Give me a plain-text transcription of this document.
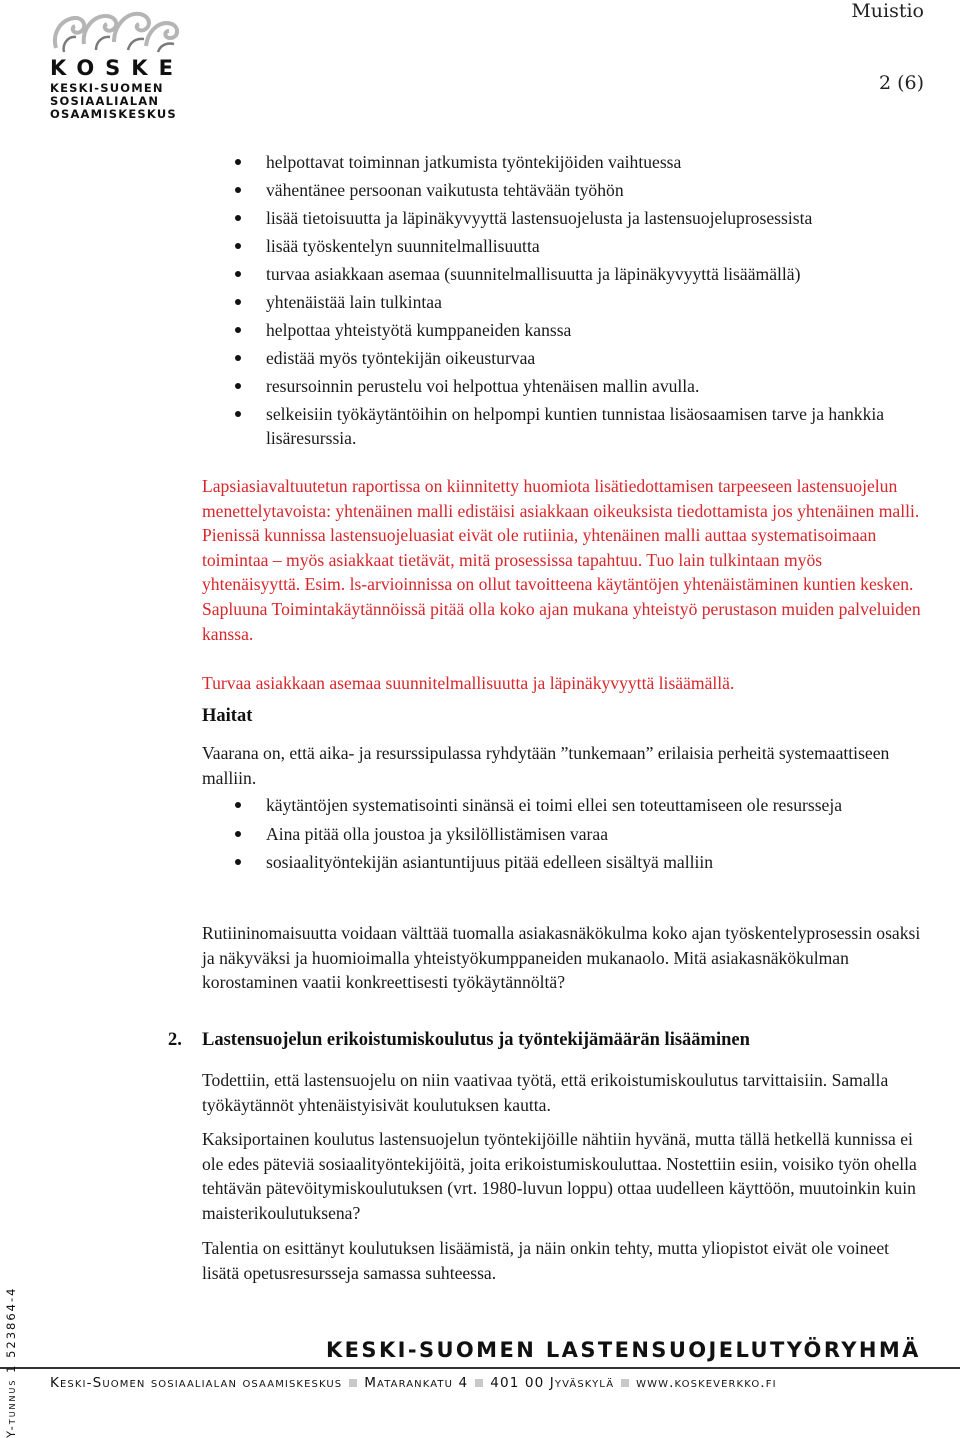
KOSKE
KESKI-SUOMEN
SOSIAALIALAN
OSAAMISKESKUS
Muistio
2 (6)
helpottavat toiminnan jatkumista työntekijöiden vaihtuessa
vähentänee persoonan vaikutusta tehtävään työhön
lisää tietoisuutta ja läpinäkyvyyttä lastensuojelusta ja lastensuojeluprosessista
lisää työskentelyn suunnitelmallisuutta
turvaa asiakkaan asemaa (suunnitelmallisuutta ja läpinäkyvyyttä lisäämällä)
yhtenäistää lain tulkintaa
helpottaa yhteistyötä kumppaneiden kanssa
edistää myös työntekijän oikeusturvaa
resursoinnin perustelu voi helpottua yhtenäisen mallin avulla.
selkeisiin työkäytäntöihin on helpompi kuntien tunnistaa lisäosaamisen tarve ja hankkia lisäresurssia.
Lapsiasiavaltuutetun raportissa on kiinnitetty huomiota lisätiedottamisen tarpeeseen lastensuojelun menettelytavoista: yhtenäinen malli edistäisi asiakkaan oikeuksista tiedottamista jos yhtenäinen malli. Pienissä kunnissa lastensuojeluasiat eivät ole rutiinia, yhtenäinen malli auttaa systematisoimaan toimintaa – myös asiakkaat tietävät, mitä prosessissa tapahtuu. Tuo lain tulkintaan myös yhtenäisyyttä. Esim. ls-arvioinnissa on ollut tavoitteena käytäntöjen yhtenäistäminen kuntien kesken. Sapluuna Toimintakäytännöissä pitää olla koko ajan mukana yhteistyö perustason muiden palveluiden kanssa.
Turvaa asiakkaan asemaa suunnitelmallisuutta ja läpinäkyvyyttä lisäämällä.
Haitat
Vaarana on, että aika- ja resurssipulassa ryhdytään ”tunkemaan” erilaisia perheitä systemaattiseen malliin.
käytäntöjen systematisointi sinänsä ei toimi ellei sen toteuttamiseen ole resursseja
Aina pitää olla joustoa ja yksilöllistämisen varaa
sosiaalityöntekijän asiantuntijuus pitää edelleen sisältyä malliin
Rutiininomaisuutta voidaan välttää tuomalla asiakasnäkökulma koko ajan työskentelyprosessin osaksi ja näkyväksi ja huomioimalla yhteistyökumppaneiden mukanaolo. Mitä asiakasnäkökulman korostaminen vaatii konkreettisesti työkäytännöltä?
2. Lastensuojelun erikoistumiskoulutus ja työntekijämäärän lisääminen
Todettiin, että lastensuojelu on niin vaativaa työtä, että erikoistumiskoulutus tarvittaisiin. Samalla työkäytännöt yhtenäistyisivät koulutuksen kautta.
Kaksiportainen koulutus lastensuojelun työntekijöille nähtiin hyvänä, mutta tällä hetkellä kunnissa ei ole edes päteviä sosiaalityöntekijöitä, joita erikoistumiskouluttaa. Nostettiin esiin, voisiko työn ohella tehtävän pätevöitymiskoulutuksen (vrt. 1980-luvun loppu) ottaa uudelleen käyttöön, muutoinkin kuin maisterikoulutuksena?
Talentia on esittänyt koulutuksen lisäämistä, ja näin onkin tehty, mutta yliopistot eivät ole voineet lisätä opetusresursseja samassa suhteessa.
KESKI-SUOMEN LASTENSUOJELUTYÖRYHMÄ
Keski-Suomen sosiaalialan osaamiskeskus Matarankatu 4 401 00 Jyväskylä www.koskeverkko.fi
Y-tunnus 1 523864-4
